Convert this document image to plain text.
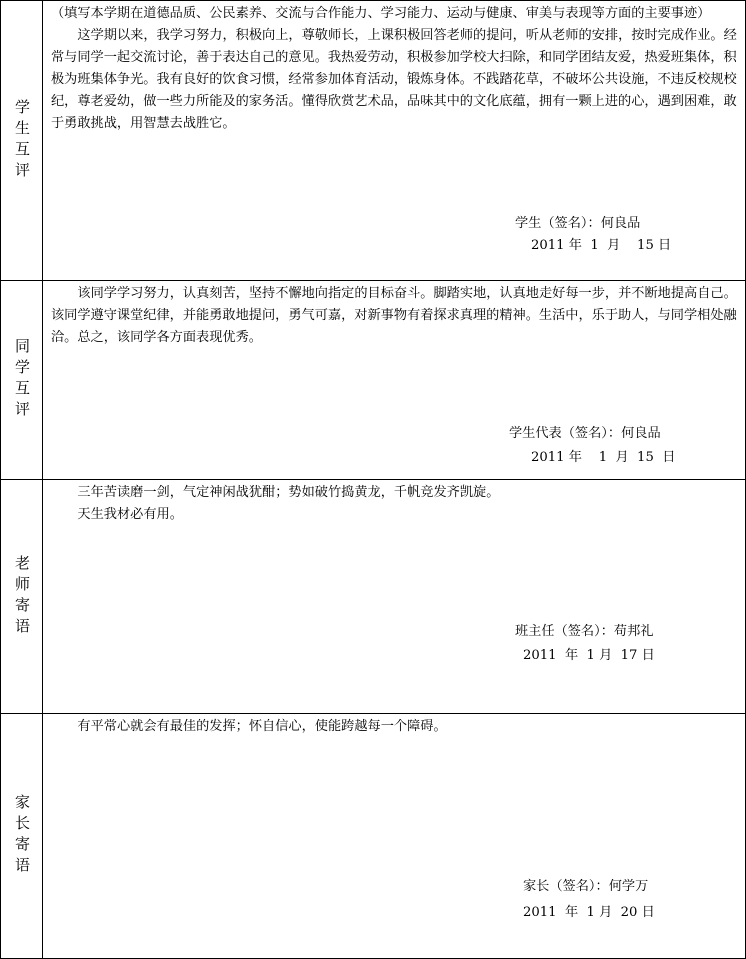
学生互评

（填写本学期在道德品质、公民素养、交流与合作能力、学习能力、运动与健康、审美与表现等方面的主要事迹）

这学期以来，我学习努力，积极向上，尊敬师长，上课积极回答老师的提问，听从老师的安排，按时完成作业。经常与同学一起交流讨论，善于表达自己的意见。我热爱劳动，积极参加学校大扫除，和同学团结友爱，热爱班集体，积极为班集体争光。我有良好的饮食习惯，经常参加体育活动，锻炼身体。不践踏花草，不破坏公共设施，不违反校规校纪，尊老爱幼，做一些力所能及的家务活。懂得欣赏艺术品，品味其中的文化底蕴，拥有一颗上进的心，遇到困难，敢于勇敢挑战，用智慧去战胜它。

学生（签名）：何良品
2011 年  1  月    15 日
同学互评

该同学学习努力，认真刻苦，坚持不懈地向指定的目标奋斗。脚踏实地，认真地走好每一步，并不断地提高自己。该同学遵守课堂纪律，并能勇敢地提问，勇气可嘉，对新事物有着探求真理的精神。生活中，乐于助人，与同学相处融洽。总之，该同学各方面表现优秀。

学生代表（签名）：何良品
2011 年    1  月  15  日
老师寄语

三年苦读磨一剑，气定神闲战犹酣；势如破竹捣黄龙，千帆竞发齐凯旋。

天生我材必有用。

班主任（签名）：苟邦礼
2011  年  1 月  17 日
家长寄语

有平常心就会有最佳的发挥；怀自信心，使能跨越每一个障碍。

家长（签名）：何学万
2011  年  1 月  20 日
